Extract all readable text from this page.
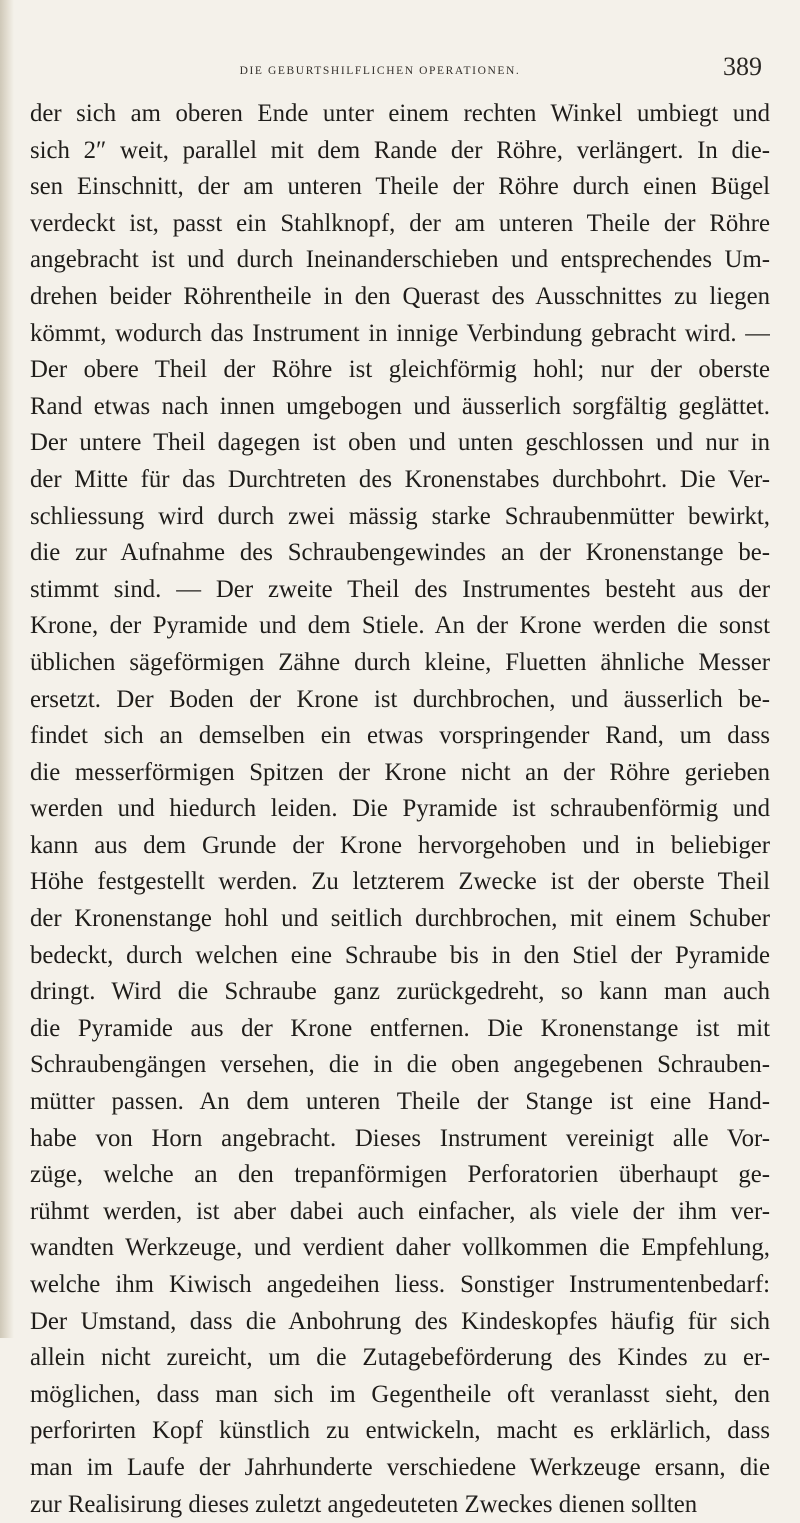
DIE GEBURTSHILFLICHEN OPERATIONEN.	389
der sich am oberen Ende unter einem rechten Winkel umbiegt und
sich 2″ weit, parallel mit dem Rande der Röhre, verlängert. In die-
sen Einschnitt, der am unteren Theile der Röhre durch einen Bügel
verdeckt ist, passt ein Stahlknopf, der am unteren Theile der Röhre
angebracht ist und durch Ineinanderschieben und entsprechendes Um-
drehen beider Röhrentheile in den Querast des Ausschnittes zu liegen
kömmt, wodurch das Instrument in innige Verbindung gebracht wird. —
Der obere Theil der Röhre ist gleichförmig hohl; nur der oberste
Rand etwas nach innen umgebogen und äusserlich sorgfältig geglättet.
Der untere Theil dagegen ist oben und unten geschlossen und nur in
der Mitte für das Durchtreten des Kronenstabes durchbohrt. Die Ver-
schliessung wird durch zwei mässig starke Schraubenmütter bewirkt,
die zur Aufnahme des Schraubengewindes an der Kronenstange be-
stimmt sind. — Der zweite Theil des Instrumentes besteht aus der
Krone, der Pyramide und dem Stiele. An der Krone werden die sonst
üblichen sägeförmigen Zähne durch kleine, Fluetten ähnliche Messer
ersetzt. Der Boden der Krone ist durchbrochen, und äusserlich be-
findet sich an demselben ein etwas vorspringender Rand, um dass
die messerförmigen Spitzen der Krone nicht an der Röhre gerieben
werden und hiedurch leiden. Die Pyramide ist schraubenförmig und
kann aus dem Grunde der Krone hervorgehoben und in beliebiger
Höhe festgestellt werden. Zu letzterem Zwecke ist der oberste Theil
der Kronenstange hohl und seitlich durchbrochen, mit einem Schuber
bedeckt, durch welchen eine Schraube bis in den Stiel der Pyramide
dringt. Wird die Schraube ganz zurückgedreht, so kann man auch
die Pyramide aus der Krone entfernen. Die Kronenstange ist mit
Schraubengängen versehen, die in die oben angegebenen Schrauben-
mütter passen. An dem unteren Theile der Stange ist eine Hand-
habe von Horn angebracht. Dieses Instrument vereinigt alle Vor-
züge, welche an den trepanförmigen Perforatorien überhaupt ge-
rühmt werden, ist aber dabei auch einfacher, als viele der ihm ver-
wandten Werkzeuge, und verdient daher vollkommen die Empfehlung,
welche ihm Kiwisch angedeihen liess. Sonstiger Instrumentenbedarf:
Der Umstand, dass die Anbohrung des Kindeskopfes häufig für sich
allein nicht zureicht, um die Zutagebeförderung des Kindes zu er-
möglichen, dass man sich im Gegentheile oft veranlasst sieht, den
perforirten Kopf künstlich zu entwickeln, macht es erklärlich, dass
man im Laufe der Jahrhunderte verschiedene Werkzeuge ersann, die
zur Realisirung dieses zuletzt angedeuteten Zweckes dienen sollten
